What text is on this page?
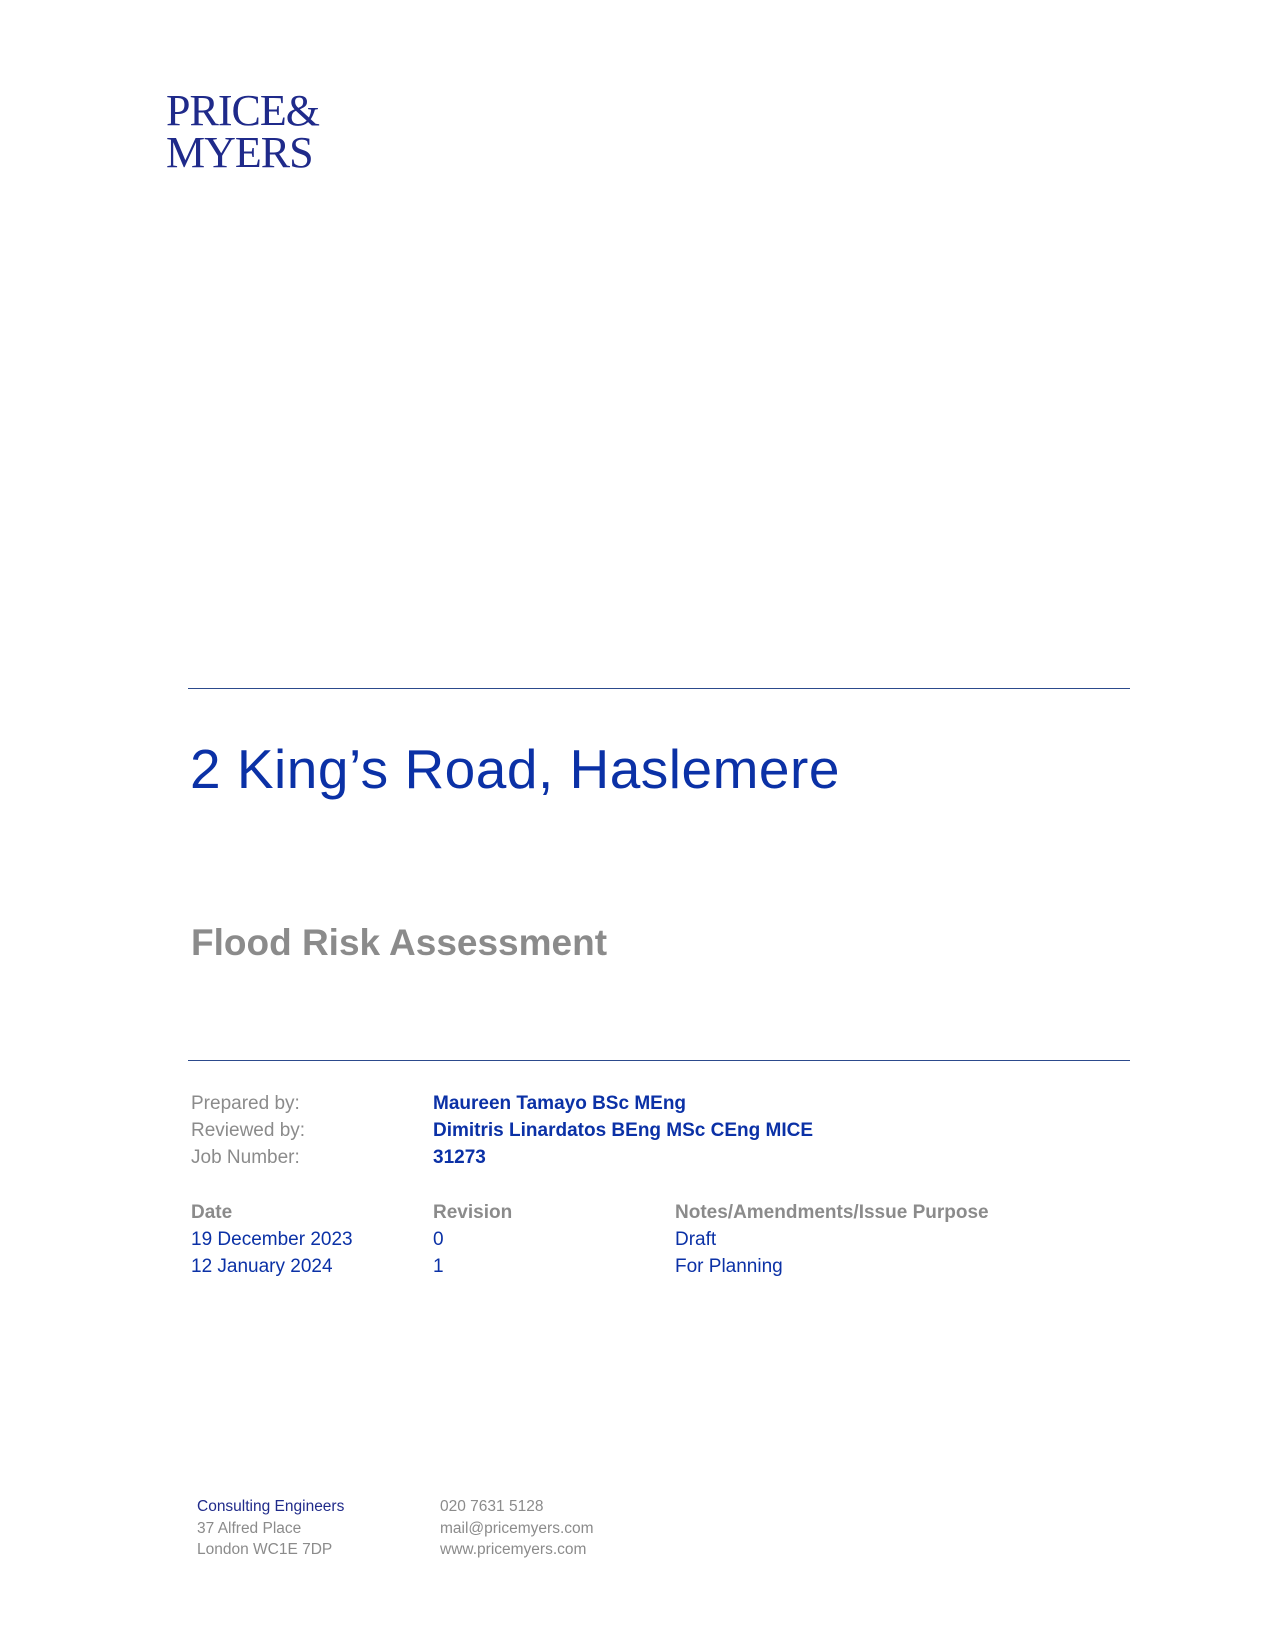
PRICE&
MYERS
2 King’s Road, Haslemere
Flood Risk Assessment
Prepared by:	Maureen Tamayo BSc MEng
Reviewed by:	Dimitris Linardatos BEng MSc CEng MICE
Job Number:	31273
Date	Revision	Notes/Amendments/Issue Purpose
19 December 2023	0	Draft
12 January 2024	1	For Planning
Consulting Engineers
37 Alfred Place
London WC1E 7DP
020 7631 5128
mail@pricemyers.com
www.pricemyers.com
